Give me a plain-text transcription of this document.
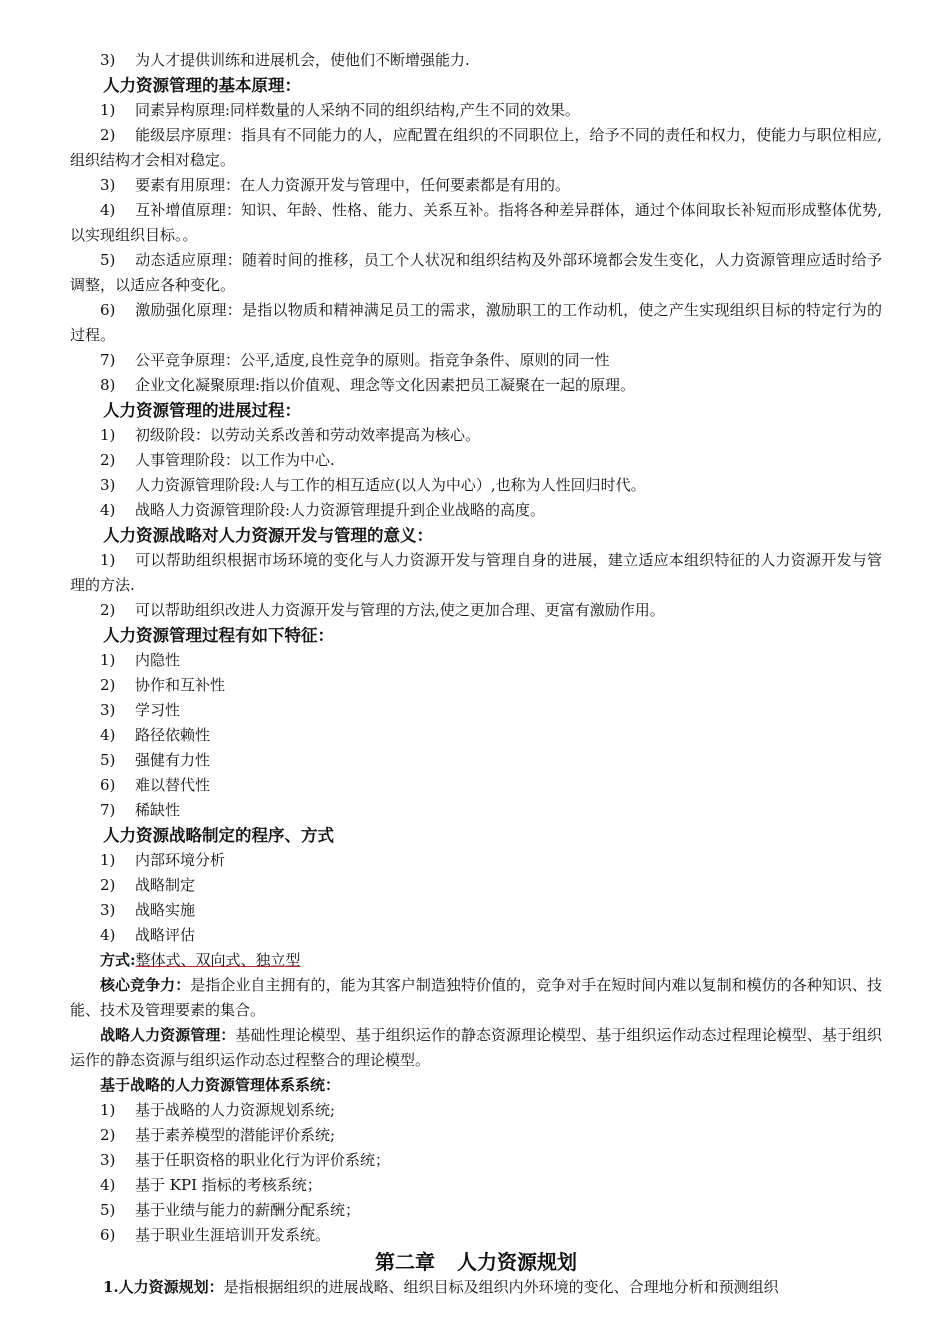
3) 为人才提供训练和进展机会，使他们不断增强能力.
人力资源管理的基本原理：
1) 同素异构原理:同样数量的人采纳不同的组织结构,产生不同的效果。
2) 能级层序原理：指具有不同能力的人，应配置在组织的不同职位上，给予不同的责任和权力，使能力与职位相应,组织结构才会相对稳定。
3) 要素有用原理：在人力资源开发与管理中，任何要素都是有用的。
4) 互补增值原理：知识、年龄、性格、能力、关系互补。指将各种差异群体，通过个体间取长补短而形成整体优势,以实现组织目标。。
5) 动态适应原理：随着时间的推移，员工个人状况和组织结构及外部环境都会发生变化，人力资源管理应适时给予调整，以适应各种变化。
6) 激励强化原理：是指以物质和精神满足员工的需求，激励职工的工作动机，使之产生实现组织目标的特定行为的过程。
7) 公平竞争原理：公平,适度,良性竞争的原则。指竞争条件、原则的同一性
8) 企业文化凝聚原理:指以价值观、理念等文化因素把员工凝聚在一起的原理。
人力资源管理的进展过程：
1) 初级阶段：以劳动关系改善和劳动效率提高为核心。
2) 人事管理阶段：以工作为中心.
3) 人力资源管理阶段:人与工作的相互适应(以人为中心）,也称为人性回归时代。
4) 战略人力资源管理阶段:人力资源管理提升到企业战略的高度。
人力资源战略对人力资源开发与管理的意义：
1) 可以帮助组织根据市场环境的变化与人力资源开发与管理自身的进展，建立适应本组织特征的人力资源开发与管理的方法.
2) 可以帮助组织改进人力资源开发与管理的方法,使之更加合理、更富有激励作用。
人力资源管理过程有如下特征：
1) 内隐性
2) 协作和互补性
3) 学习性
4) 路径依赖性
5) 强健有力性
6) 难以替代性
7) 稀缺性
人力资源战略制定的程序、方式
1) 内部环境分析
2) 战略制定
3) 战略实施
4) 战略评估
方式:整体式、双向式、独立型
核心竞争力：是指企业自主拥有的，能为其客户制造独特价值的，竞争对手在短时间内难以复制和模仿的各种知识、技能、技术及管理要素的集合。
战略人力资源管理：基础性理论模型、基于组织运作的静态资源理论模型、基于组织运作动态过程理论模型、基于组织运作的静态资源与组织运作动态过程整合的理论模型。
基于战略的人力资源管理体系系统：
1) 基于战略的人力资源规划系统;
2) 基于素养模型的潜能评价系统;
3) 基于任职资格的职业化行为评价系统；
4) 基于 KPI 指标的考核系统；
5) 基于业绩与能力的薪酬分配系统；
6) 基于职业生涯培训开发系统。
第二章 人力资源规划
1.人力资源规划：是指根据组织的进展战略、组织目标及组织内外环境的变化、合理地分析和预测组织
